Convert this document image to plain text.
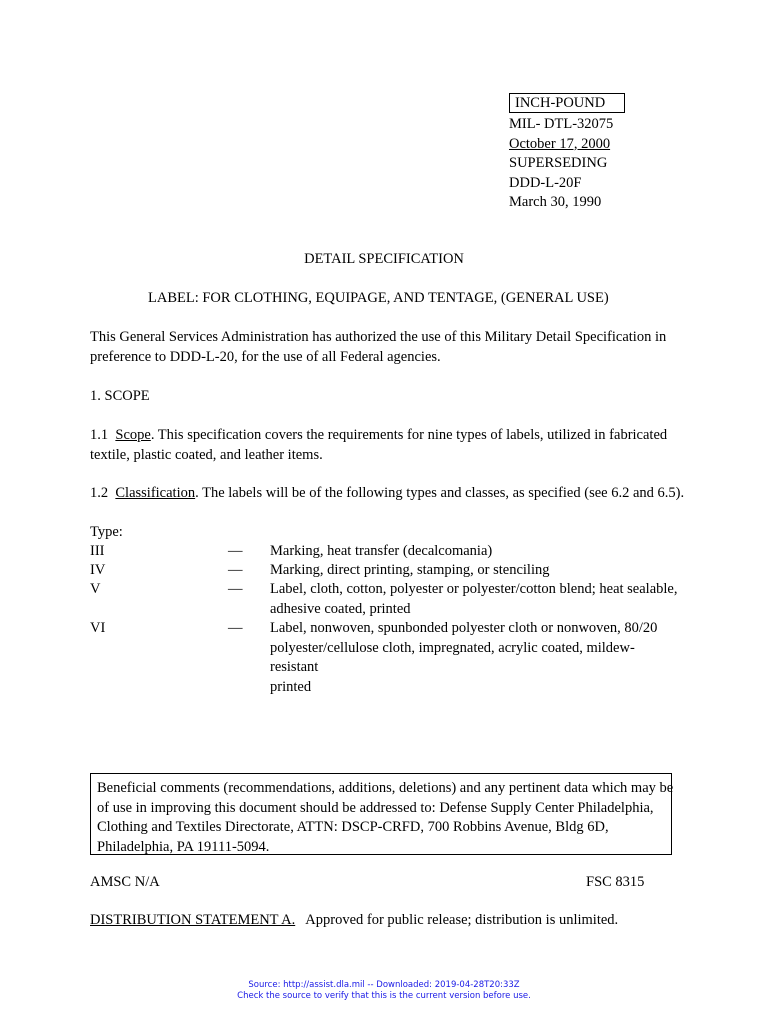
INCH-POUND
MIL- DTL-32075
October 17, 2000
SUPERSEDING
DDD-L-20F
March 30, 1990
DETAIL SPECIFICATION
LABEL: FOR CLOTHING, EQUIPAGE, AND TENTAGE, (GENERAL USE)
This General Services Administration has authorized the use of this Military Detail Specification in
preference to DDD-L-20, for the use of all Federal agencies.
1. SCOPE
1.1 Scope. This specification covers the requirements for nine types of labels, utilized in fabricated
textile, plastic coated, and leather items.
1.2 Classification. The labels will be of the following types and classes, as specified (see 6.2 and 6.5).
Type:
III	— Marking, heat transfer (decalcomania)
IV	— Marking, direct printing, stamping, or stenciling
V	— Label, cloth, cotton, polyester or polyester/cotton blend; heat sealable,
adhesive coated, printed
VI	— Label, nonwoven, spunbonded polyester cloth or nonwoven, 80/20
polyester/cellulose cloth, impregnated, acrylic coated, mildew-resistant
printed
Beneficial comments (recommendations, additions, deletions) and any pertinent data which may be
of use in improving this document should be addressed to: Defense Supply Center Philadelphia,
Clothing and Textiles Directorate, ATTN: DSCP-CRFD, 700 Robbins Avenue, Bldg 6D,
Philadelphia, PA 19111-5094.
AMSC N/A	FSC 8315
DISTRIBUTION STATEMENT A.   Approved for public release; distribution is unlimited.
Source: http://assist.dla.mil -- Downloaded: 2019-04-28T20:33Z
Check the source to verify that this is the current version before use.
